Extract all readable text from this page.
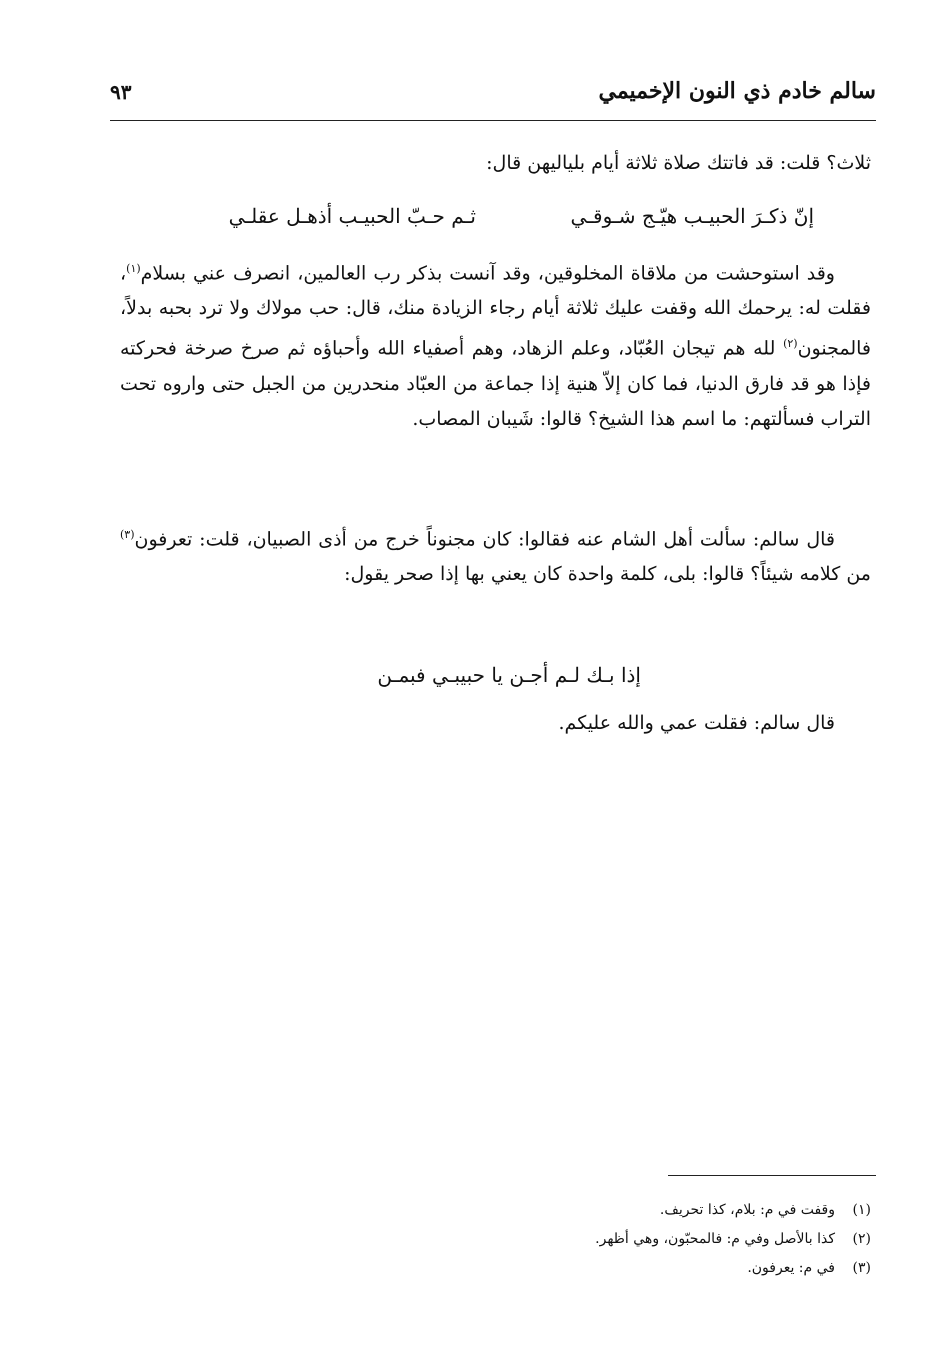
سالم خادم ذي النون الإخميمي
٩٣

ثلاث؟ قلت: قد فاتتك صلاة ثلاثة أيام بلياليهن قال:

إنّ ذكـرَ الحبيـب هيّـج شـوقـي
ثـم حـبّ الحبيـب أذهـل عقلـي

وقد استوحشت من ملاقاة المخلوقين، وقد آنست بذكر رب العالمين، انصرف عني بسلام$^{(١)}$، فقلت له: يرحمك الله وقفت عليك ثلاثة أيام رجاء الزيادة منك، قال: حب مولاك ولا ترد بحبه بدلاً، فالمجنون$^{(٢)}$ لله هم تيجان العُبّاد، وعلم الزهاد، وهم أصفياء الله وأحباؤه ثم صرخ صرخة فحركته فإذا هو قد فارق الدنيا، فما كان إلاّ هنية إذا جماعة من العبّاد منحدرين من الجبل حتى واروه تحت التراب فسألتهم: ما اسم هذا الشيخ؟ قالوا: شَيبان المصاب.

قال سالم: سألت أهل الشام عنه فقالوا: كان مجنوناً خرج من أذى الصبيان، قلت: تعرفون$^{(٣)}$ من كلامه شيئاً؟ قالوا: بلى، كلمة واحدة كان يعني بها إذا صحر يقول:

إذا بـك لـم أجـن يا حبيبـي فبمـن

قال سالم: فقلت عمي والله عليكم.

(١)وقفت في م: بلام، كذا تحريف.
(٢)كذا بالأصل وفي م: فالمحبّون، وهي أظهر.
(٣)في م: يعرفون.
